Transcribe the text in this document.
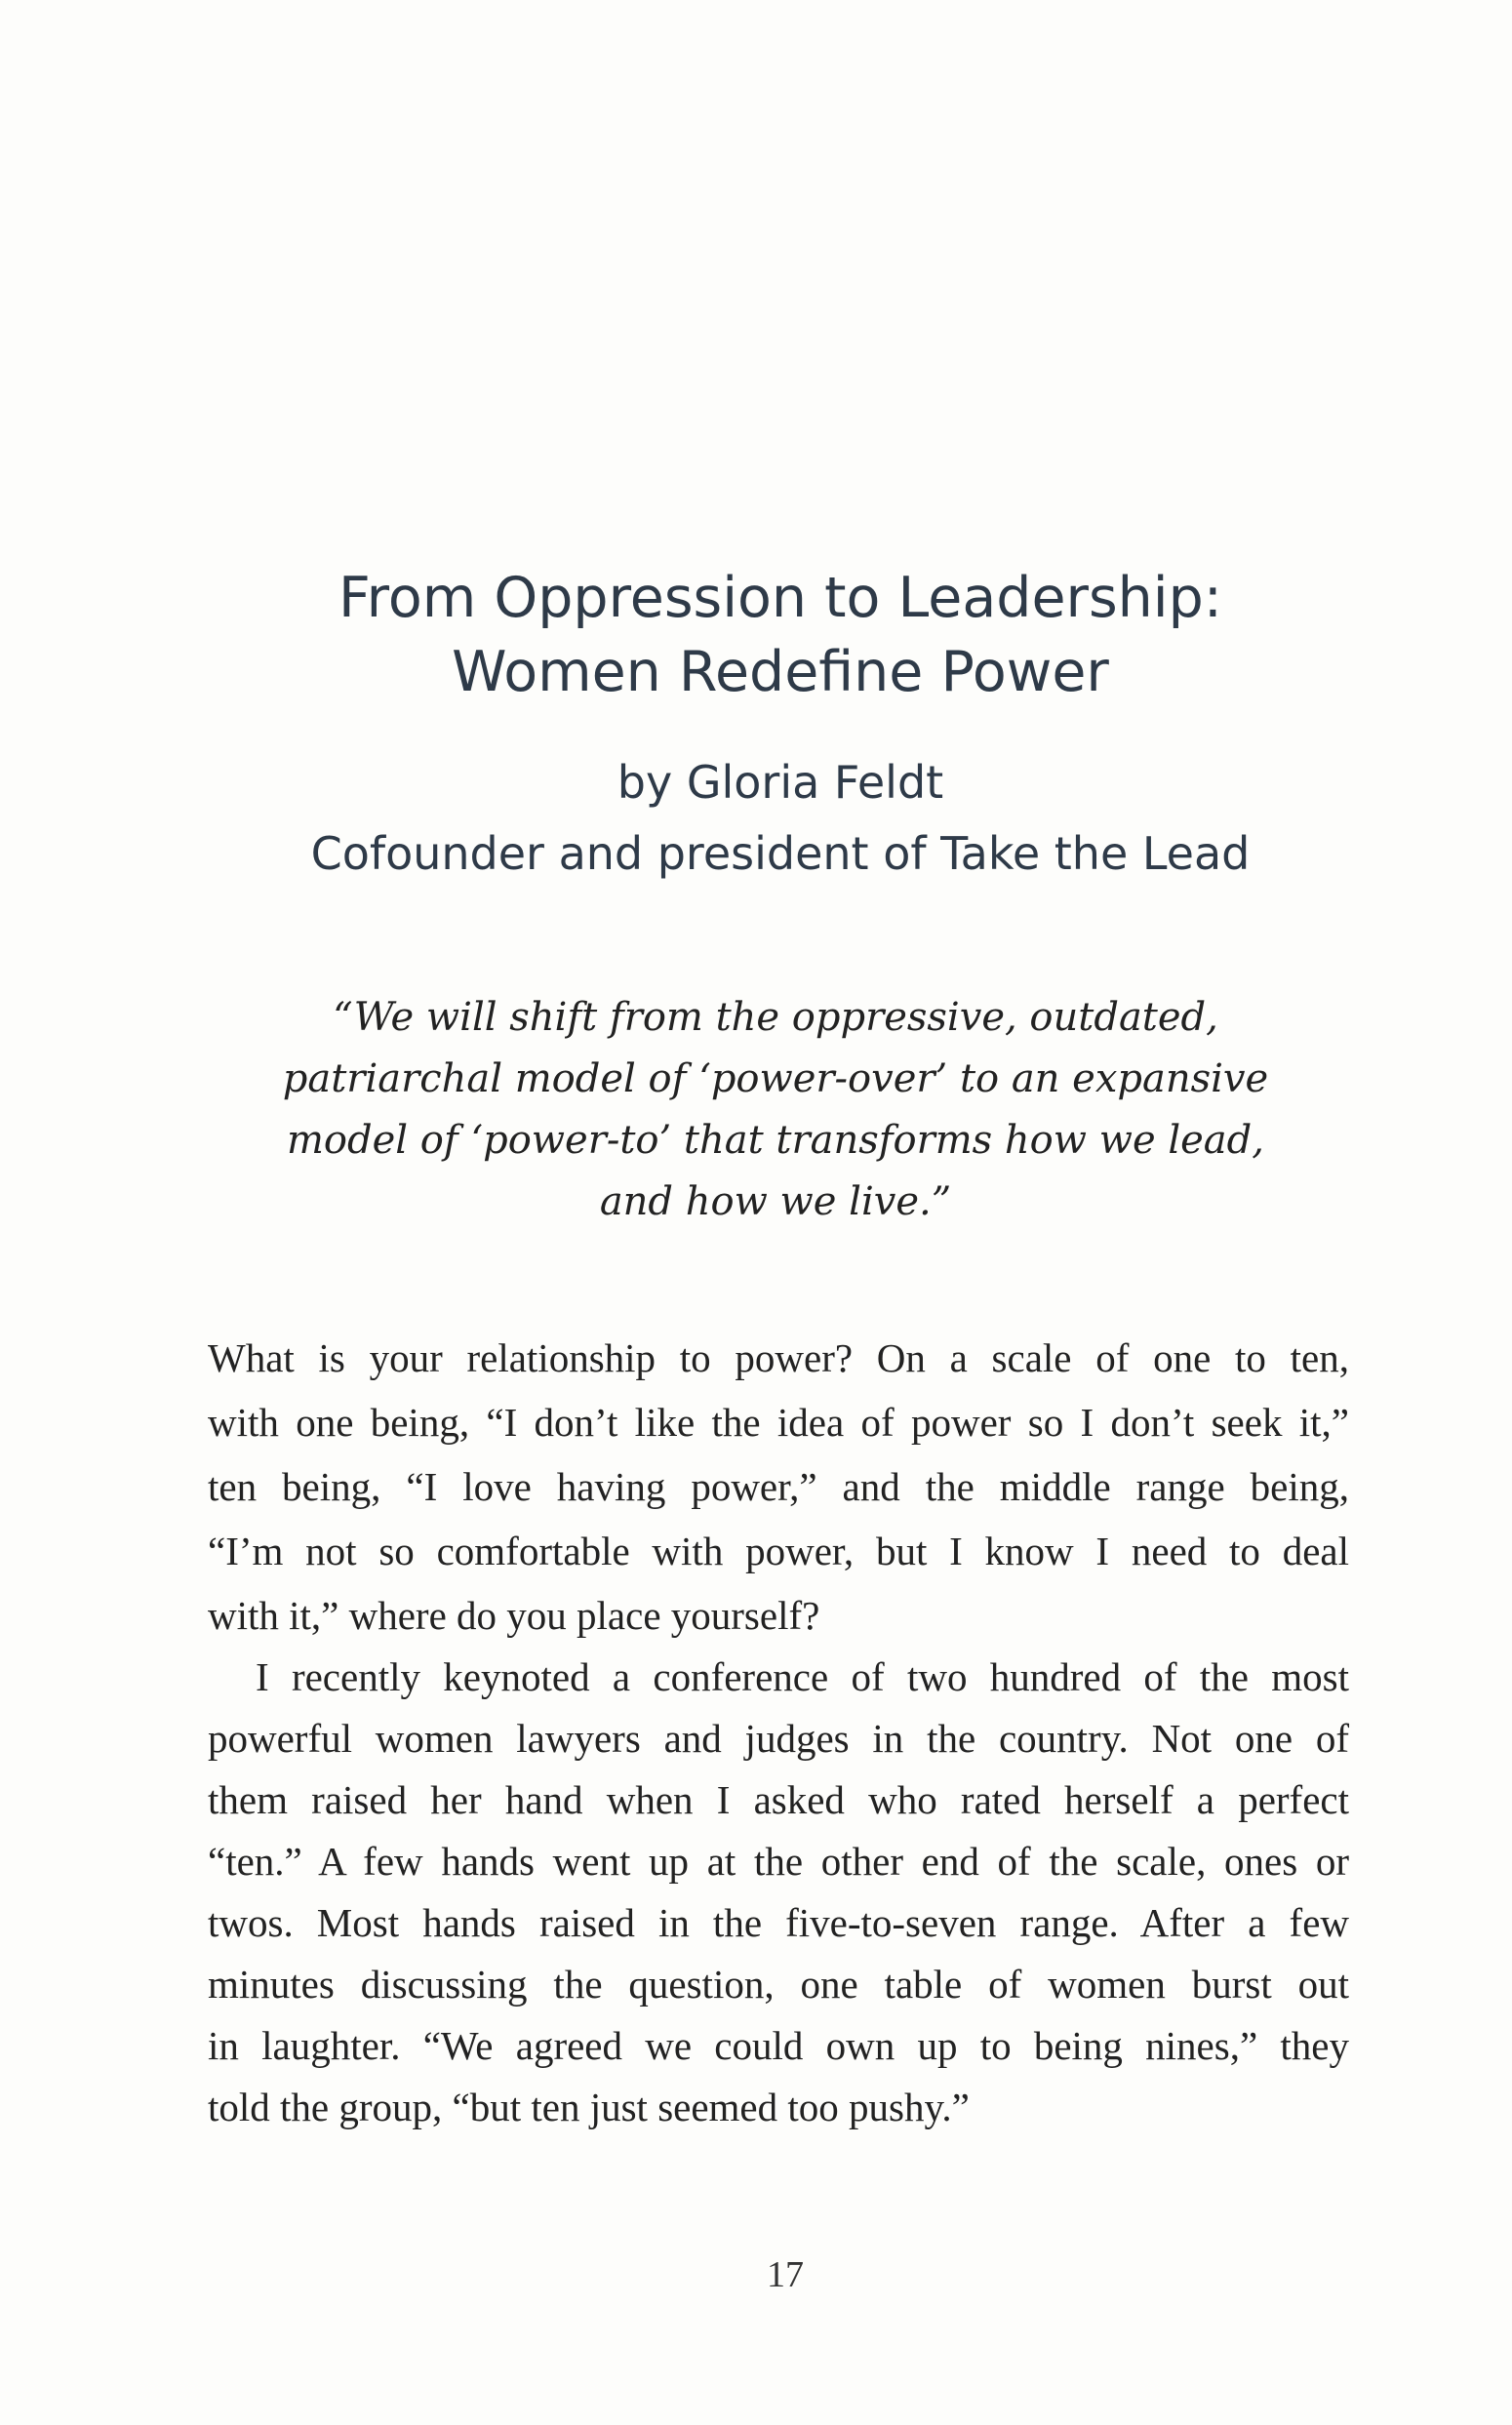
From Oppression to Leadership:
Women Redefine Power
by Gloria Feldt
Cofounder and president of Take the Lead
“We will shift from the oppressive, outdated,
patriarchal model of ‘power-over’ to an expansive
model of ‘power-to’ that transforms how we lead,
and how we live.”
What is your relationship to power? On a scale of one to ten,
with one being, “I don’t like the idea of power so I don’t seek it,”
ten being, “I love having power,” and the middle range being,
“I’m not so comfortable with power, but I know I need to deal
with it,” where do you place yourself?
I recently keynoted a conference of two hundred of the most
powerful women lawyers and judges in the country. Not one of
them raised her hand when I asked who rated herself a perfect
“ten.” A few hands went up at the other end of the scale, ones or
twos. Most hands raised in the five-to-seven range. After a few
minutes discussing the question, one table of women burst out
in laughter. “We agreed we could own up to being nines,” they
told the group, “but ten just seemed too pushy.”
17
